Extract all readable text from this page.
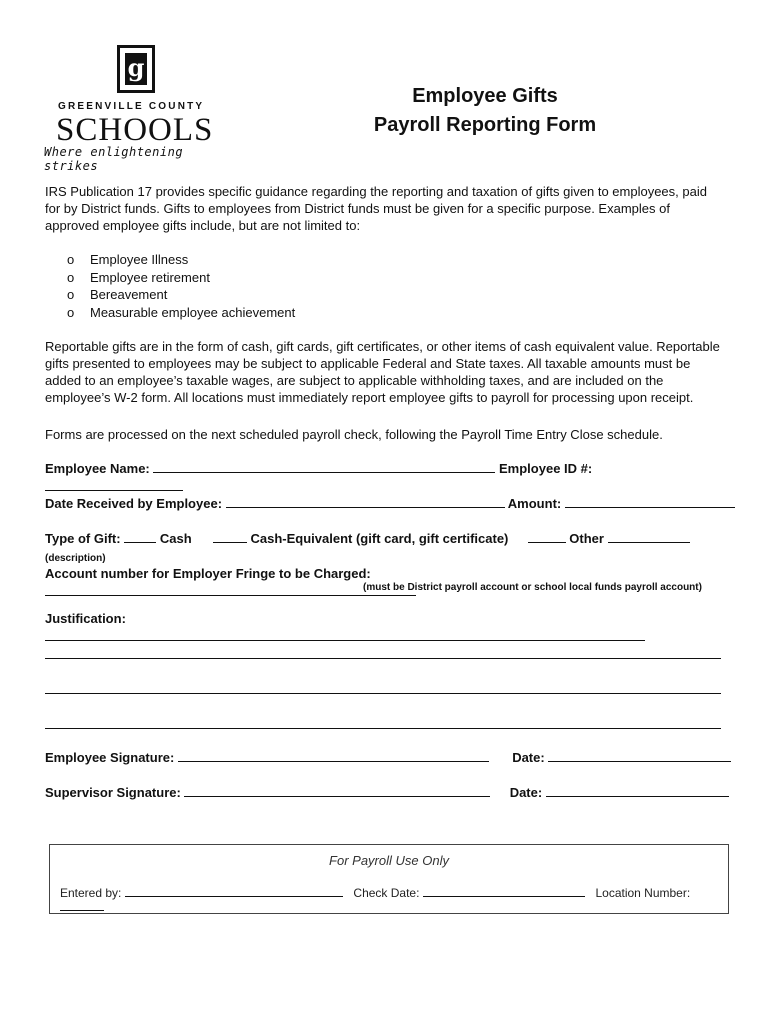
g
GREENVILLE COUNTY
SCHOOLS
Where enlightening strikes
Employee Gifts
Payroll Reporting Form
IRS Publication 17 provides specific guidance regarding the reporting and taxation of gifts given to employees, paid for by District funds. Gifts to employees from District funds must be given for a specific purpose. Examples of approved employee gifts include, but are not limited to:
o Employee Illness
o Employee retirement
o Bereavement
o Measurable employee achievement
Reportable gifts are in the form of cash, gift cards, gift certificates, or other items of cash equivalent value. Reportable gifts presented to employees may be subject to applicable Federal and State taxes. All taxable amounts must be added to an employee’s taxable wages, are subject to applicable withholding taxes, and are included on the employee’s W-2 form. All locations must immediately report employee gifts to payroll for processing upon receipt.
Forms are processed on the next scheduled payroll check, following the Payroll Time Entry Close schedule.
Employee Name:	Employee ID #:
Date Received by Employee:	Amount:
Type of Gift:	Cash	Cash-Equivalent (gift card, gift certificate)	Other (description)
Account number for Employer Fringe to be Charged:
(must be District payroll account or school local funds payroll account)
Justification:
Employee Signature:	Date:
Supervisor Signature:	Date:
For Payroll Use Only
Entered by:	Check Date:	Location Number:
